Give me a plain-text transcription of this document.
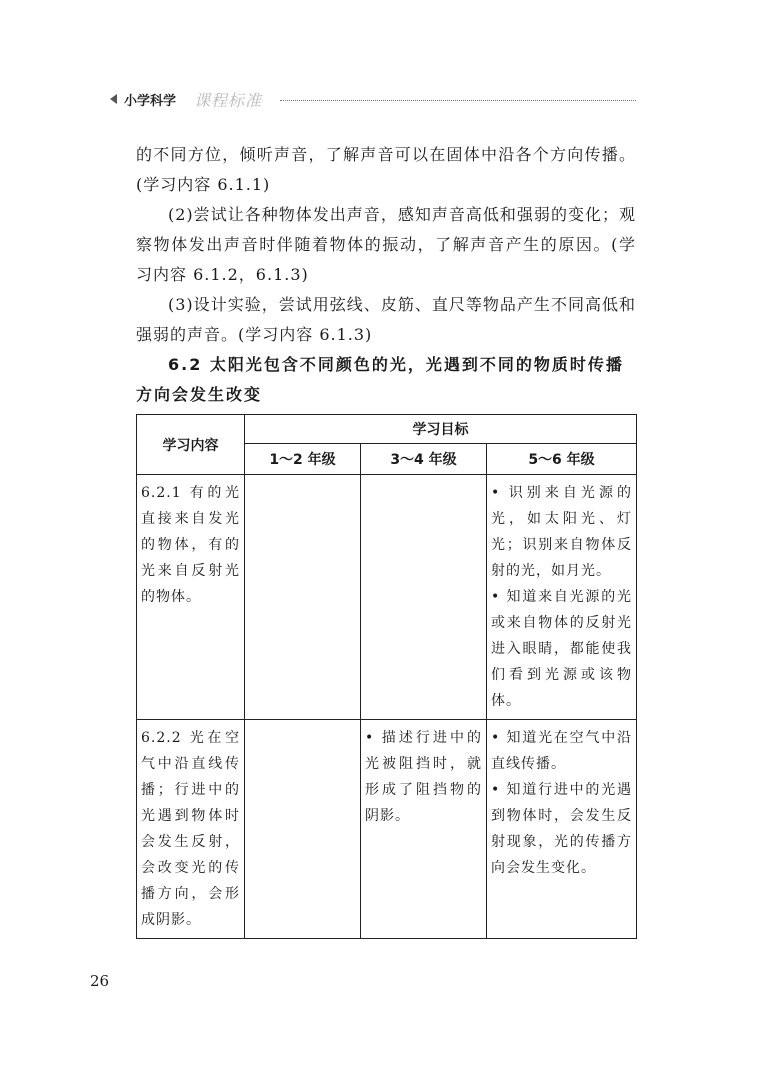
小学科学 课程标准

的不同方位，倾听声音，了解声音可以在固体中沿各个方向传播。(学习内容 6.1.1)

(2)尝试让各种物体发出声音，感知声音高低和强弱的变化；观察物体发出声音时伴随着物体的振动，了解声音产生的原因。(学习内容 6.1.2，6.1.3)

(3)设计实验，尝试用弦线、皮筋、直尺等物品产生不同高低和强弱的声音。(学习内容 6.1.3)

6.2 太阳光包含不同颜色的光，光遇到不同的物质时传播方向会发生改变

学习内容	学习目标		
	1～2 年级	3～4 年级	5～6 年级
6.2.1 有的光直接来自发光的物体，有的光来自反射光的物体。			• 识别来自光源的光，如太阳光、灯光；识别来自物体反射的光，如月光。
• 知道来自光源的光或来自物体的反射光进入眼睛，都能使我们看到光源或该物体。

6.2.2 光在空气中沿直线传播；行进中的光遇到物体时会发生反射，会改变光的传播方向，会形成阴影。		• 描述行进中的光被阻挡时，就形成了阻挡物的阴影。	• 知道光在空气中沿直线传播。
• 知道行进中的光遇到物体时，会发生反射现象，光的传播方向会发生变化。
26
